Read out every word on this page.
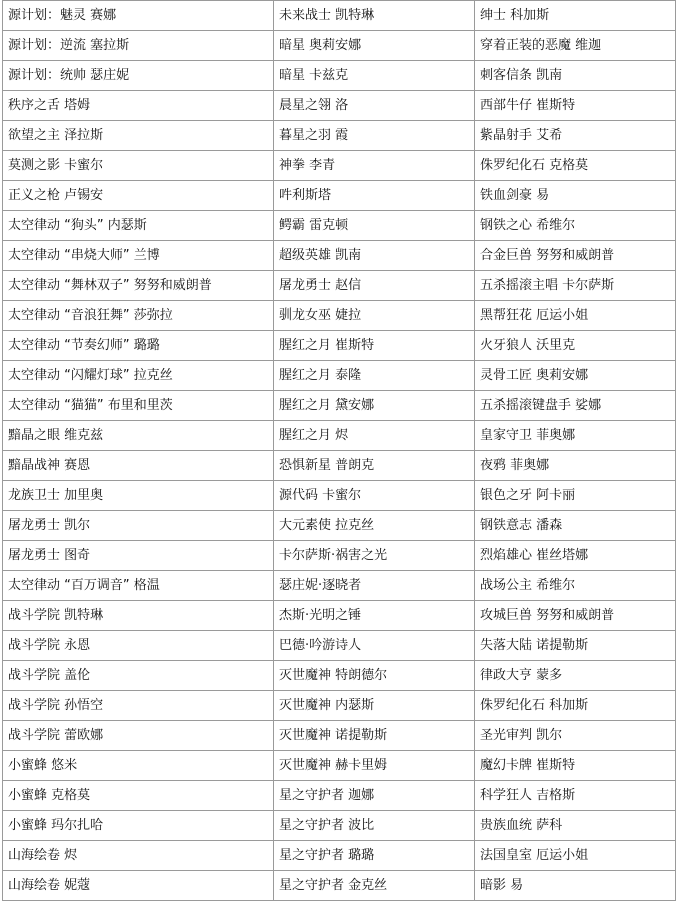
源计划：魅灵 赛娜	未来战士 凯特琳	绅士 科加斯
源计划：逆流 塞拉斯	暗星 奥莉安娜	穿着正装的恶魔 维迦
源计划：统帅 瑟庄妮	暗星 卡兹克	刺客信条 凯南
秩序之舌 塔姆	晨星之翎 洛	西部牛仔 崔斯特
欲望之主 泽拉斯	暮星之羽 霞	紫晶射手 艾希
莫测之影 卡蜜尔	神拳 李青	侏罗纪化石 克格莫
正义之枪 卢锡安	吽利斯塔	铁血剑豪 易
太空律动 “狗头” 内瑟斯	鳄霸 雷克顿	钢铁之心 希维尔
太空律动 “串烧大师” 兰博	超级英雄 凯南	合金巨兽 努努和威朗普
太空律动 “舞林双子” 努努和威朗普	屠龙勇士 赵信	五杀摇滚主唱 卡尔萨斯
太空律动 “音浪狂舞” 莎弥拉	驯龙女巫 婕拉	黑帮狂花 厄运小姐
太空律动 “节奏幻师” 璐璐	腥红之月 崔斯特	火牙狼人 沃里克
太空律动 “闪耀灯球” 拉克丝	腥红之月 泰隆	灵骨工匠 奥莉安娜
太空律动 “猫猫” 布里和里茨	腥红之月 黛安娜	五杀摇滚键盘手 娑娜
黯晶之眼 维克兹	腥红之月 烬	皇家守卫 菲奥娜
黯晶战神 赛恩	恐惧新星 普朗克	夜鸦 菲奥娜
龙族卫士 加里奥	源代码 卡蜜尔	银色之牙 阿卡丽
屠龙勇士 凯尔	大元素使 拉克丝	钢铁意志 潘森
屠龙勇士 图奇	卡尔萨斯·祸害之光	烈焰雄心 崔丝塔娜
太空律动 “百万调音” 格温	瑟庄妮·逐晓者	战场公主 希维尔
战斗学院 凯特琳	杰斯·光明之锤	攻城巨兽 努努和威朗普
战斗学院 永恩	巴德·吟游诗人	失落大陆 诺提勒斯
战斗学院 盖伦	灭世魔神 特朗德尔	律政大亨 蒙多
战斗学院 孙悟空	灭世魔神 内瑟斯	侏罗纪化石 科加斯
战斗学院 蕾欧娜	灭世魔神 诺提勒斯	圣光审判 凯尔
小蜜蜂 悠米	灭世魔神 赫卡里姆	魔幻卡牌 崔斯特
小蜜蜂 克格莫	星之守护者 迦娜	科学狂人 吉格斯
小蜜蜂 玛尔扎哈	星之守护者 波比	贵族血统 萨科
山海绘卷 烬	星之守护者 璐璐	法国皇室 厄运小姐
山海绘卷 妮蔻	星之守护者 金克丝	暗影 易
